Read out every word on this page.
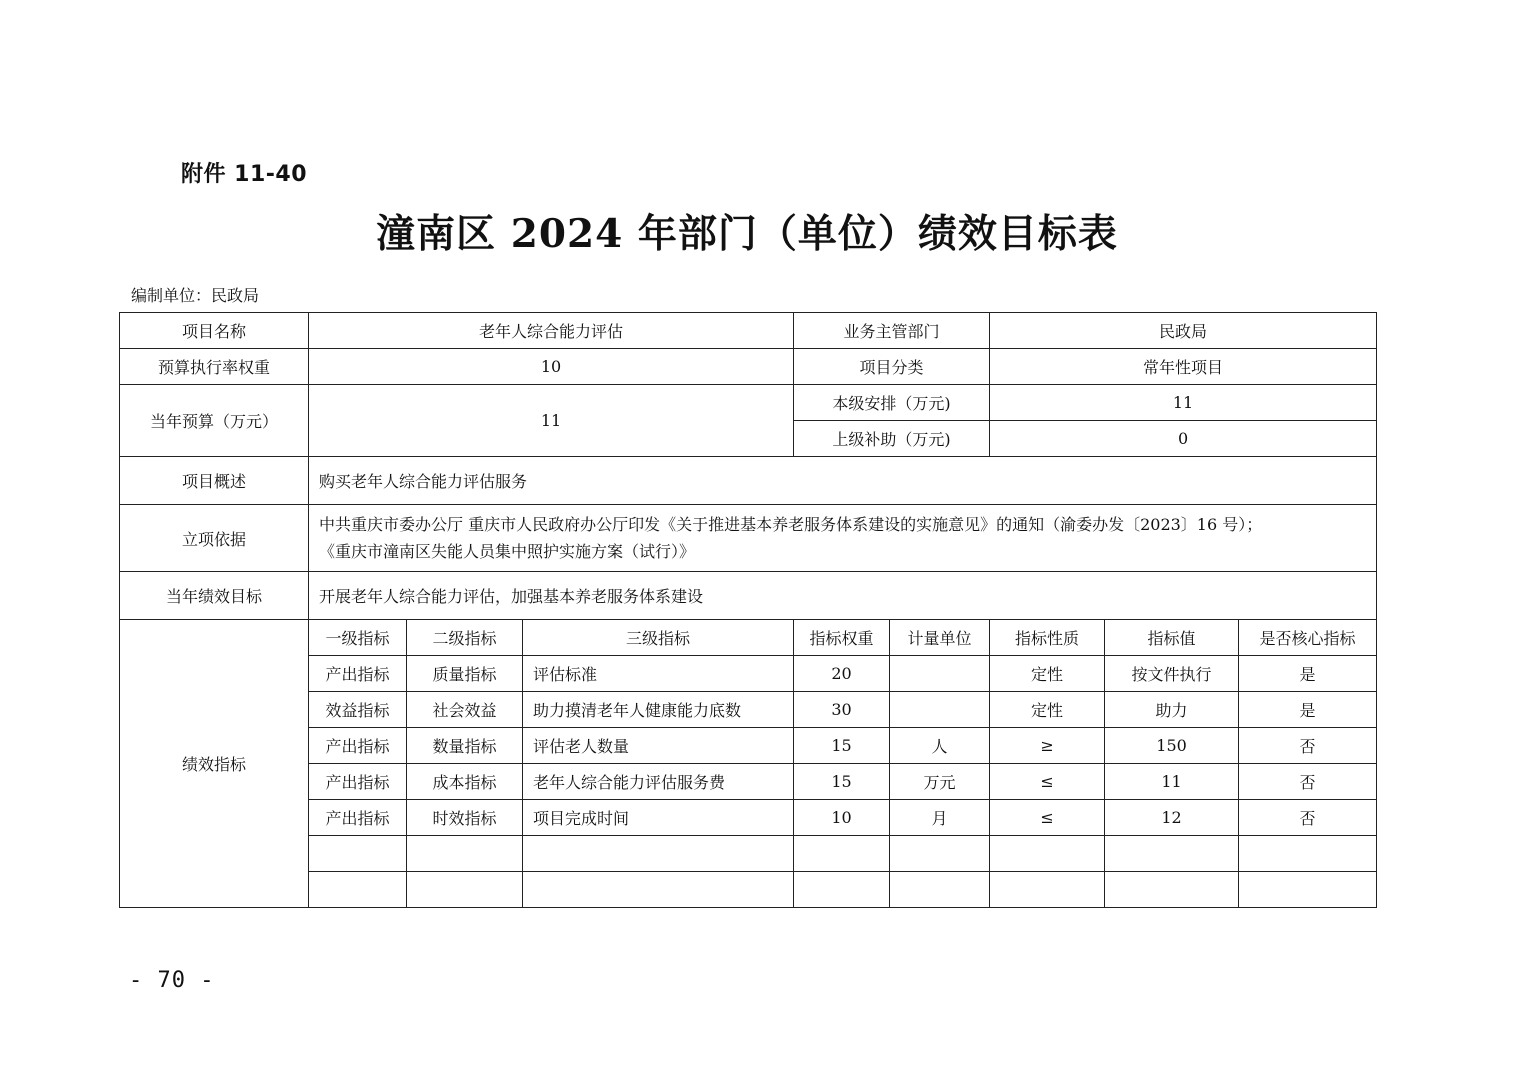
附件 11-40
潼南区 2024 年部门（单位）绩效目标表
编制单位：民政局
项目名称	老年人综合能力评估			业务主管部门		民政局		
预算执行率权重	10			项目分类		常年性项目		
当年预算（万元）	11			本级安排（万元)		11		
				上级补助（万元)		0		
项目概述	购买老年人综合能力评估服务							
立项依据	中共重庆市委办公厅 重庆市人民政府办公厅印发《关于推进基本养老服务体系建设的实施意见》的通知（渝委办发〔2023〕16 号）；
《重庆市潼南区失能人员集中照护实施方案（试行）》							

当年绩效目标	开展老年人综合能力评估，加强基本养老服务体系建设							
绩效指标	一级指标	二级指标	三级指标	指标权重	计量单位	指标性质	指标值	是否核心指标
	产出指标	质量指标	评估标准	20		定性	按文件执行	是
	效益指标	社会效益	助力摸清老年人健康能力底数	30		定性	助力	是
	产出指标	数量指标	评估老人数量	15	人	≥	150	否
	产出指标	成本指标	老年人综合能力评估服务费	15	万元	≤	11	否
	产出指标	时效指标	项目完成时间	10	月	≤	12	否

- 70 -
